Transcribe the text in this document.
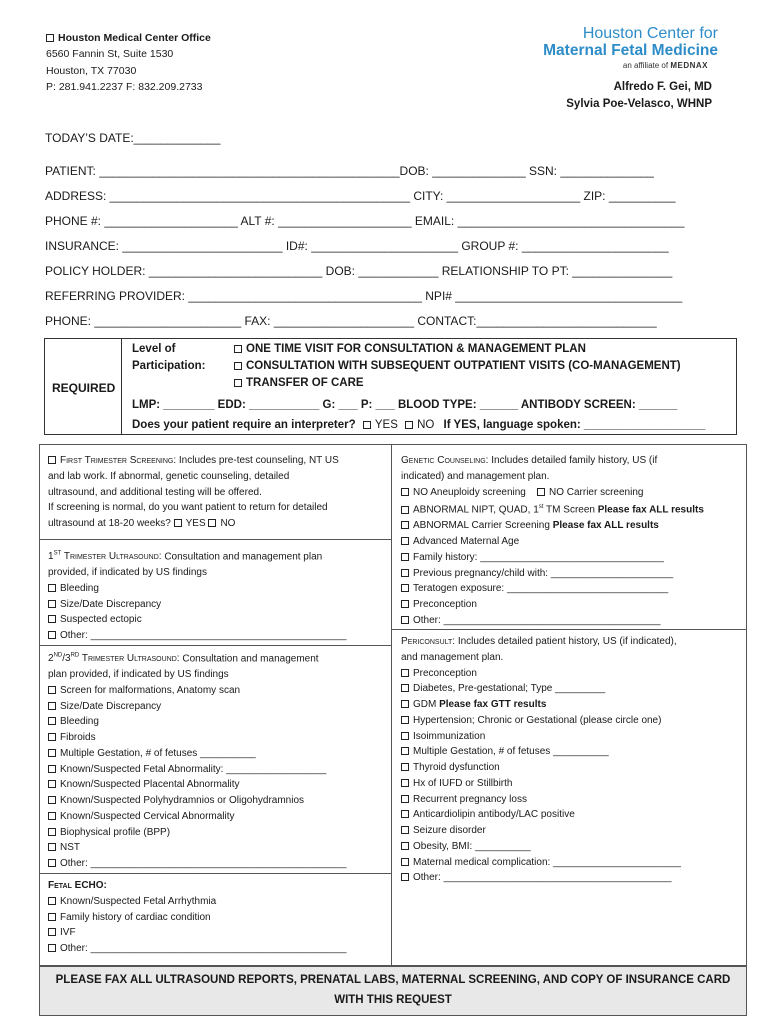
Houston Medical Center Office
6560 Fannin St, Suite 1530
Houston, TX 77030
P: 281.941.2237 F: 832.209.2733
Houston Center for
Maternal Fetal Medicine
an affiliate of MEDNAX
Alfredo F. Gei, MD
Sylvia Poe-Velasco, WHNP
TODAY’S DATE:_____________
PATIENT: _____________________________________________DOB: ______________ SSN: ______________
ADDRESS: _____________________________________________ CITY: ____________________ ZIP: __________
PHONE #: ____________________ ALT #: ____________________ EMAIL: __________________________________
INSURANCE: ________________________ ID#: ______________________ GROUP #: ______________________
POLICY HOLDER: __________________________ DOB: ____________ RELATIONSHIP TO PT: _______________
REFERRING PROVIDER: ___________________________________ NPI# __________________________________
PHONE: ______________________ FAX: _____________________ CONTACT:___________________________
REQUIRED
Level of
Participation:
ONE TIME VISIT FOR CONSULTATION & MANAGEMENT PLAN
CONSULTATION WITH SUBSEQUENT OUTPATIENT VISITS (CO-MANAGEMENT)
TRANSFER OF CARE
LMP: ________ EDD: ___________ G: ___ P: ___ BLOOD TYPE: ______ ANTIBODY SCREEN: ______
Does your patient require an interpreter? YES NO If YES, language spoken: ___________________
First Trimester Screening: Includes pre-test counseling, NT US
and lab work. If abnormal, genetic counseling, detailed
ultrasound, and additional testing will be offered.
If screening is normal, do you want patient to return for detailed
ultrasound at 18-20 weeks? YES NO
1ST Trimester Ultrasound: Consultation and management plan
provided, if indicated by US findings
Bleeding
Size/Date Discrepancy
Suspected ectopic
Other: ______________________________________________
2ND/3RD Trimester Ultrasound: Consultation and management
plan provided, if indicated by US findings
Screen for malformations, Anatomy scan
Size/Date Discrepancy
Bleeding
Fibroids
Multiple Gestation, # of fetuses __________
Known/Suspected Fetal Abnormality: __________________
Known/Suspected Placental Abnormality
Known/Suspected Polyhydramnios or Oligohydramnios
Known/Suspected Cervical Abnormality
Biophysical profile (BPP)
NST
Other: ______________________________________________
Fetal ECHO:
Known/Suspected Fetal Arrhythmia
Family history of cardiac condition
IVF
Other: ______________________________________________
Genetic Counseling: Includes detailed family history, US (if
indicated) and management plan.
NO Aneuploidy screening NO Carrier screening
ABNORMAL NIPT, QUAD, 1st TM Screen Please fax ALL results
ABNORMAL Carrier Screening Please fax ALL results
Advanced Maternal Age
Family history: _________________________________
Previous pregnancy/child with: ______________________
Teratogen exposure: _____________________________
Preconception
Other: _______________________________________
Periconsult: Includes detailed patient history, US (if indicated),
and management plan.
Preconception
Diabetes, Pre-gestational; Type _________
GDM Please fax GTT results
Hypertension; Chronic or Gestational (please circle one)
Isoimmunization
Multiple Gestation, # of fetuses __________
Thyroid dysfunction
Hx of IUFD or Stillbirth
Recurrent pregnancy loss
Anticardiolipin antibody/LAC positive
Seizure disorder
Obesity, BMI: __________
Maternal medical complication: _______________________
Other: _________________________________________
PLEASE FAX ALL ULTRASOUND REPORTS, PRENATAL LABS, MATERNAL SCREENING, AND COPY OF INSURANCE CARD
WITH THIS REQUEST
